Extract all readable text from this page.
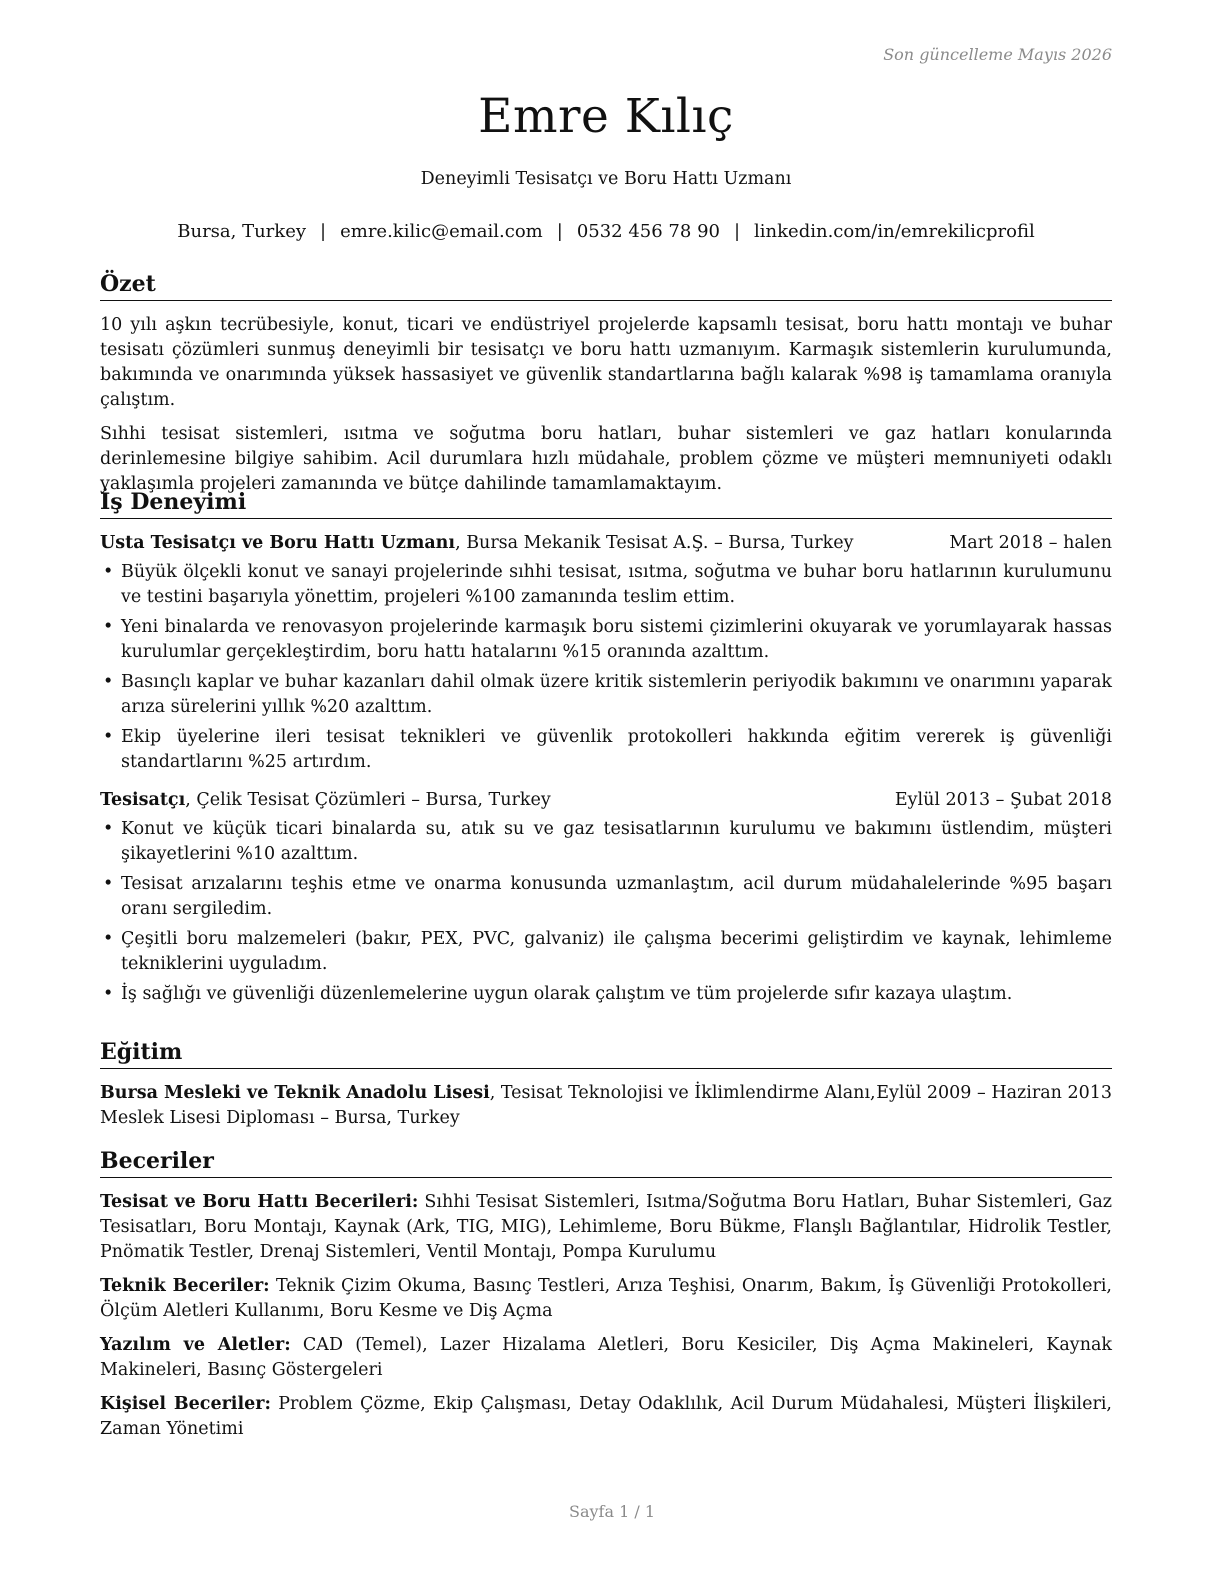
Son güncelleme Mayıs 2026
Emre Kılıç
Deneyimli Tesisatçı ve Boru Hattı Uzmanı
Bursa, Turkey | emre.kilic@email.com | 0532 456 78 90 | linkedin.com/in/emrekilicprofil
Özet

10 yılı aşkın tecrübesiyle, konut, ticari ve endüstriyel projelerde kapsamlı tesisat, boru hattı montajı ve buhar tesisatı çözümleri sunmuş deneyimli bir tesisatçı ve boru hattı uzmanıyım. Karmaşık sistemlerin kurulumunda, bakımında ve onarımında yüksek hassasiyet ve güvenlik standartlarına bağlı kalarak %98 iş tamamlama oranıyla çalıştım.

Sıhhi tesisat sistemleri, ısıtma ve soğutma boru hatları, buhar sistemleri ve gaz hatları konularında derinlemesine bilgiye sahibim. Acil durumlara hızlı müdahale, problem çözme ve müşteri memnuniyeti odaklı yaklaşımla projeleri zamanında ve bütçe dahilinde tamamlamaktayım.

İş Deneyimi
Usta Tesisatçı ve Boru Hattı Uzmanı, Bursa Mekanik Tesisat A.Ş. – Bursa, Turkey	Mart 2018 – halen
• Büyük ölçekli konut ve sanayi projelerinde sıhhi tesisat, ısıtma, soğutma ve buhar boru hatlarının kurulumunu ve testini başarıyla yönettim, projeleri %100 zamanında teslim ettim.
• Yeni binalarda ve renovasyon projelerinde karmaşık boru sistemi çizimlerini okuyarak ve yorumlayarak hassas kurulumlar gerçekleştirdim, boru hattı hatalarını %15 oranında azalttım.
• Basınçlı kaplar ve buhar kazanları dahil olmak üzere kritik sistemlerin periyodik bakımını ve onarımını yaparak arıza sürelerini yıllık %20 azalttım.
• Ekip üyelerine ileri tesisat teknikleri ve güvenlik protokolleri hakkında eğitim vererek iş güvenliği standartlarını %25 artırdım.
Tesisatçı, Çelik Tesisat Çözümleri – Bursa, Turkey	Eylül 2013 – Şubat 2018
• Konut ve küçük ticari binalarda su, atık su ve gaz tesisatlarının kurulumu ve bakımını üstlendim, müşteri şikayetlerini %10 azalttım.
• Tesisat arızalarını teşhis etme ve onarma konusunda uzmanlaştım, acil durum müdahalelerinde %95 başarı oranı sergiledim.
• Çeşitli boru malzemeleri (bakır, PEX, PVC, galvaniz) ile çalışma becerimi geliştirdim ve kaynak, lehimleme tekniklerini uyguladım.
• İş sağlığı ve güvenliği düzenlemelerine uygun olarak çalıştım ve tüm projelerde sıfır kazaya ulaştım.
Eğitim
Bursa Mesleki ve Teknik Anadolu Lisesi, Tesisat Teknolojisi ve İklimlendirme Alanı, Eylül 2009 – Haziran 2013
Meslek Lisesi Diploması – Bursa, Turkey
Beceriler

Tesisat ve Boru Hattı Becerileri: Sıhhi Tesisat Sistemleri, Isıtma/Soğutma Boru Hatları, Buhar Sistemleri, Gaz Tesisatları, Boru Montajı, Kaynak (Ark, TIG, MIG), Lehimleme, Boru Bükme, Flanşlı Bağlantılar, Hidrolik Testler, Pnömatik Testler, Drenaj Sistemleri, Ventil Montajı, Pompa Kurulumu

Teknik Beceriler: Teknik Çizim Okuma, Basınç Testleri, Arıza Teşhisi, Onarım, Bakım, İş Güvenliği Protokolleri, Ölçüm Aletleri Kullanımı, Boru Kesme ve Diş Açma

Yazılım ve Aletler: CAD (Temel), Lazer Hizalama Aletleri, Boru Kesiciler, Diş Açma Makineleri, Kaynak Makineleri, Basınç Göstergeleri

Kişisel Beceriler: Problem Çözme, Ekip Çalışması, Detay Odaklılık, Acil Durum Müdahalesi, Müşteri İlişkileri, Zaman Yönetimi

Sayfa 1 / 1
